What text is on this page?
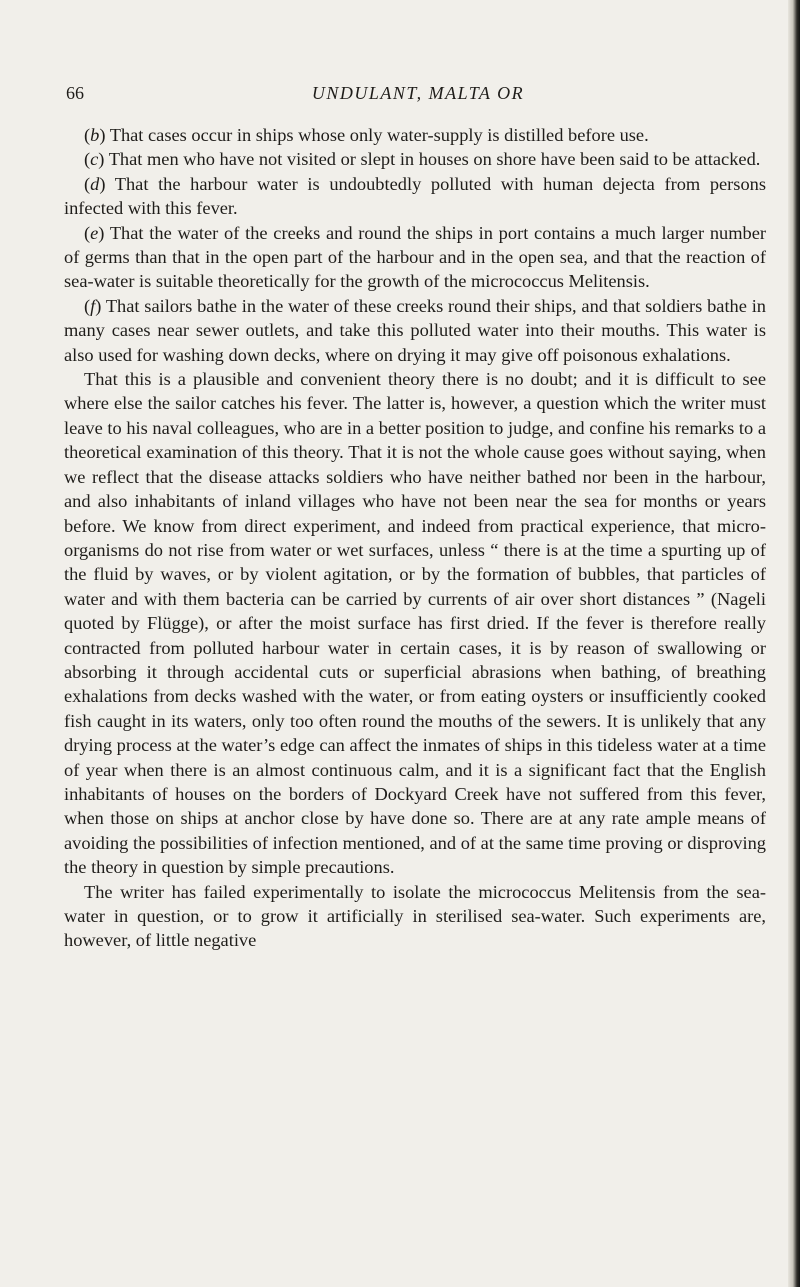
66	UNDULANT, MALTA OR

(b) That cases occur in ships whose only water-supply is distilled before use.

(c) That men who have not visited or slept in houses on shore have been said to be attacked.

(d) That the harbour water is undoubtedly polluted with human dejecta from persons infected with this fever.

(e) That the water of the creeks and round the ships in port contains a much larger number of germs than that in the open part of the harbour and in the open sea, and that the reaction of sea-water is suitable theoretically for the growth of the micrococcus Melitensis.

(f) That sailors bathe in the water of these creeks round their ships, and that soldiers bathe in many cases near sewer outlets, and take this polluted water into their mouths. This water is also used for washing down decks, where on drying it may give off poisonous exhalations.

That this is a plausible and convenient theory there is no doubt; and it is difficult to see where else the sailor catches his fever. The latter is, however, a question which the writer must leave to his naval colleagues, who are in a better position to judge, and confine his remarks to a theoretical examination of this theory. That it is not the whole cause goes without saying, when we reflect that the disease attacks soldiers who have neither bathed nor been in the harbour, and also inhabitants of inland villages who have not been near the sea for months or years before. We know from direct experiment, and indeed from practical experience, that micro-organisms do not rise from water or wet surfaces, unless “ there is at the time a spurting up of the fluid by waves, or by violent agitation, or by the formation of bubbles, that particles of water and with them bacteria can be carried by currents of air over short distances ” (Nageli quoted by Flügge), or after the moist surface has first dried. If the fever is therefore really contracted from polluted harbour water in certain cases, it is by reason of swallowing or absorbing it through accidental cuts or superficial abrasions when bathing, of breathing exhalations from decks washed with the water, or from eating oysters or insufficiently cooked fish caught in its waters, only too often round the mouths of the sewers. It is unlikely that any drying process at the water’s edge can affect the inmates of ships in this tideless water at a time of year when there is an almost continuous calm, and it is a significant fact that the English inhabitants of houses on the borders of Dockyard Creek have not suffered from this fever, when those on ships at anchor close by have done so. There are at any rate ample means of avoiding the possibilities of infection mentioned, and of at the same time proving or disproving the theory in question by simple precautions.

The writer has failed experimentally to isolate the micrococcus Melitensis from the sea-water in question, or to grow it artificially in sterilised sea-water. Such experiments are, however, of little negative
